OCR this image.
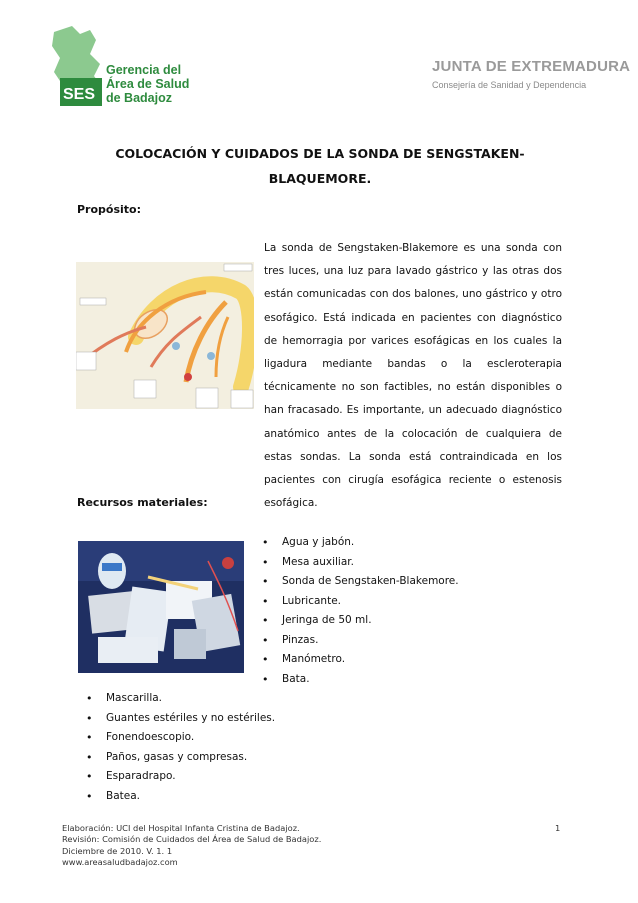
SES
Gerencia del
Área de Salud
de Badajoz
JUNTA DE EXTREMADURA
Consejería de Sanidad y Dependencia
COLOCACIÓN Y CUIDADOS DE LA SONDA DE SENGSTAKEN-
BLAQUEMORE.
Propósito:
La sonda de Sengstaken-Blakemore es una sonda con tres luces, una luz para lavado gástrico y las otras dos están comunicadas con dos balones, uno gástrico y otro esofágico. Está indicada en pacientes con diagnóstico de hemorragia por varices esofágicas en los cuales la ligadura mediante bandas o la escleroterapia técnicamente no son factibles, no están disponibles o han fracasado. Es importante, un adecuado diagnóstico anatómico antes de la colocación de cualquiera de estas sondas. La sonda está contraindicada en los pacientes con cirugía esofágica reciente o estenosis esofágica.
Recursos materiales:
• Agua y jabón.
• Mesa auxiliar.
• Sonda de Sengstaken-Blakemore.
• Lubricante.
• Jeringa de 50 ml.
• Pinzas.
• Manómetro.
• Bata.
• Mascarilla.
• Guantes estériles y no estériles.
• Fonendoescopio.
• Paños, gasas y compresas.
• Esparadrapo.
• Batea.
Elaboración: UCI del Hospital Infanta Cristina de Badajoz.
Revisión: Comisión de Cuidados del Área de Salud de Badajoz.
Diciembre de 2010. V. 1. 1
www.areasaludbadajoz.com
1
